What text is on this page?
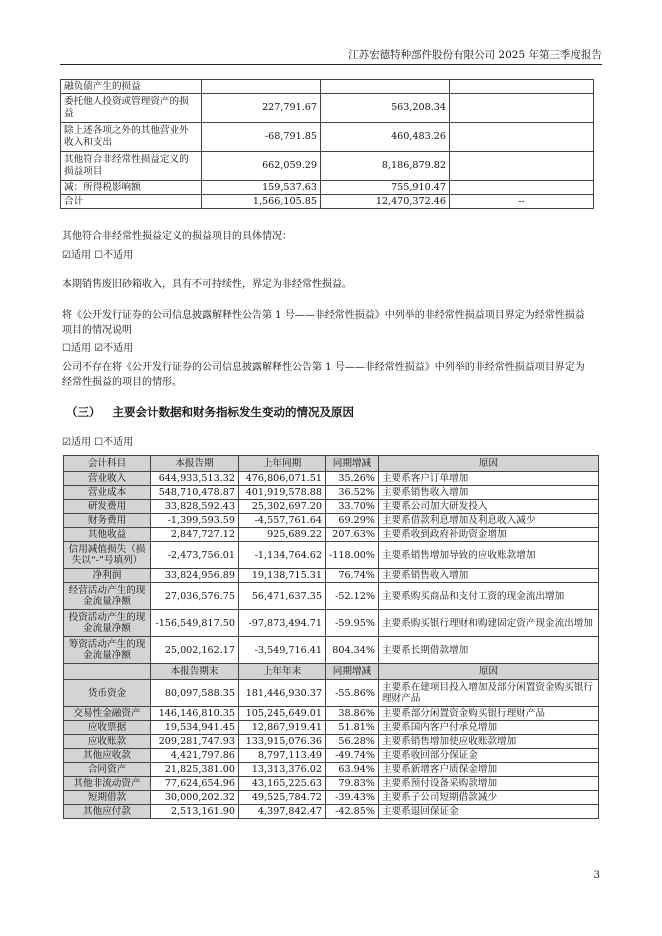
江苏宏德特种部件股份有限公司 2025 年第三季度报告
融负债产生的损益			
委托他人投资或管理资产的损益	227,791.67	563,208.34	
除上述各项之外的其他营业外收入和支出	-68,791.85	460,483.26	
其他符合非经常性损益定义的损益项目	662,059.29	8,186,879.82	
减：所得税影响额	159,537.63	755,910.47	
合计	1,566,105.85	12,470,372.46	--
其他符合非经常性损益定义的损益项目的具体情况：
☑适用 ☐不适用
本期销售废旧砂箱收入，具有不可持续性，界定为非经常性损益。
将《公开发行证券的公司信息披露解释性公告第 1 号——非经常性损益》中列举的非经常性损益项目界定为经常性损益项目的情况说明
☐适用 ☑不适用
公司不存在将《公开发行证券的公司信息披露解释性公告第 1 号——非经常性损益》中列举的非经常性损益项目界定为经常性损益的项目的情形。
（三） 主要会计数据和财务指标发生变动的情况及原因
☑适用 ☐不适用
会计科目	本报告期	上年同期	同期增减	原因
营业收入	644,933,513.32	476,806,071.51	35.26%	主要系客户订单增加
营业成本	548,710,478.87	401,919,578.88	36.52%	主要系销售收入增加
研发费用	33,828,592.43	25,302,697.20	33.70%	主要系公司加大研发投入
财务费用	-1,399,593.59	-4,557,761.64	69.29%	主要系借款利息增加及利息收入减少
其他收益	2,847,727.12	925,689.22	207.63%	主要系收到政府补助资金增加
信用减值损失（损失以“-”号填列）	-2,473,756.01	-1,134,764.62	-118.00%	主要系销售增加导致的应收账款增加
净利润	33,824,956.89	19,138,715.31	76.74%	主要系销售收入增加
经营活动产生的现金流量净额	27,036,576.75	56,471,637.35	-52.12%	主要系购买商品和支付工资的现金流出增加
投资活动产生的现金流量净额	-156,549,817.50	-97,873,494.71	-59.95%	主要系购买银行理财和购建固定资产现金流出增加
筹资活动产生的现金流量净额	25,002,162.17	-3,549,716.41	804.34%	主要系长期借款增加
	本报告期末	上年年末	同期增减	原因
货币资金	80,097,588.35	181,446,930.37	-55.86%	主要系在建项目投入增加及部分闲置资金购买银行理财产品
交易性金融资产	146,146,810.35	105,245,649.01	38.86%	主要系部分闲置资金购买银行理财产品
应收票据	19,534,941.45	12,867,919.41	51.81%	主要系国内客户付承兑增加
应收账款	209,281,747.93	133,915,076.36	56.28%	主要系销售增加使应收账款增加
其他应收款	4,421,797.86	8,797,113.49	-49.74%	主要系收回部分保证金
合同资产	21,825,381.00	13,313,376.02	63.94%	主要系新增客户质保金增加
其他非流动资产	77,624,654.96	43,165,225.63	79.83%	主要系预付设备采购款增加
短期借款	30,000,202.32	49,525,784.72	-39.43%	主要系子公司短期借款减少
其他应付款	2,513,161.90	4,397,842.47	-42.85%	主要系退回保证金
3
